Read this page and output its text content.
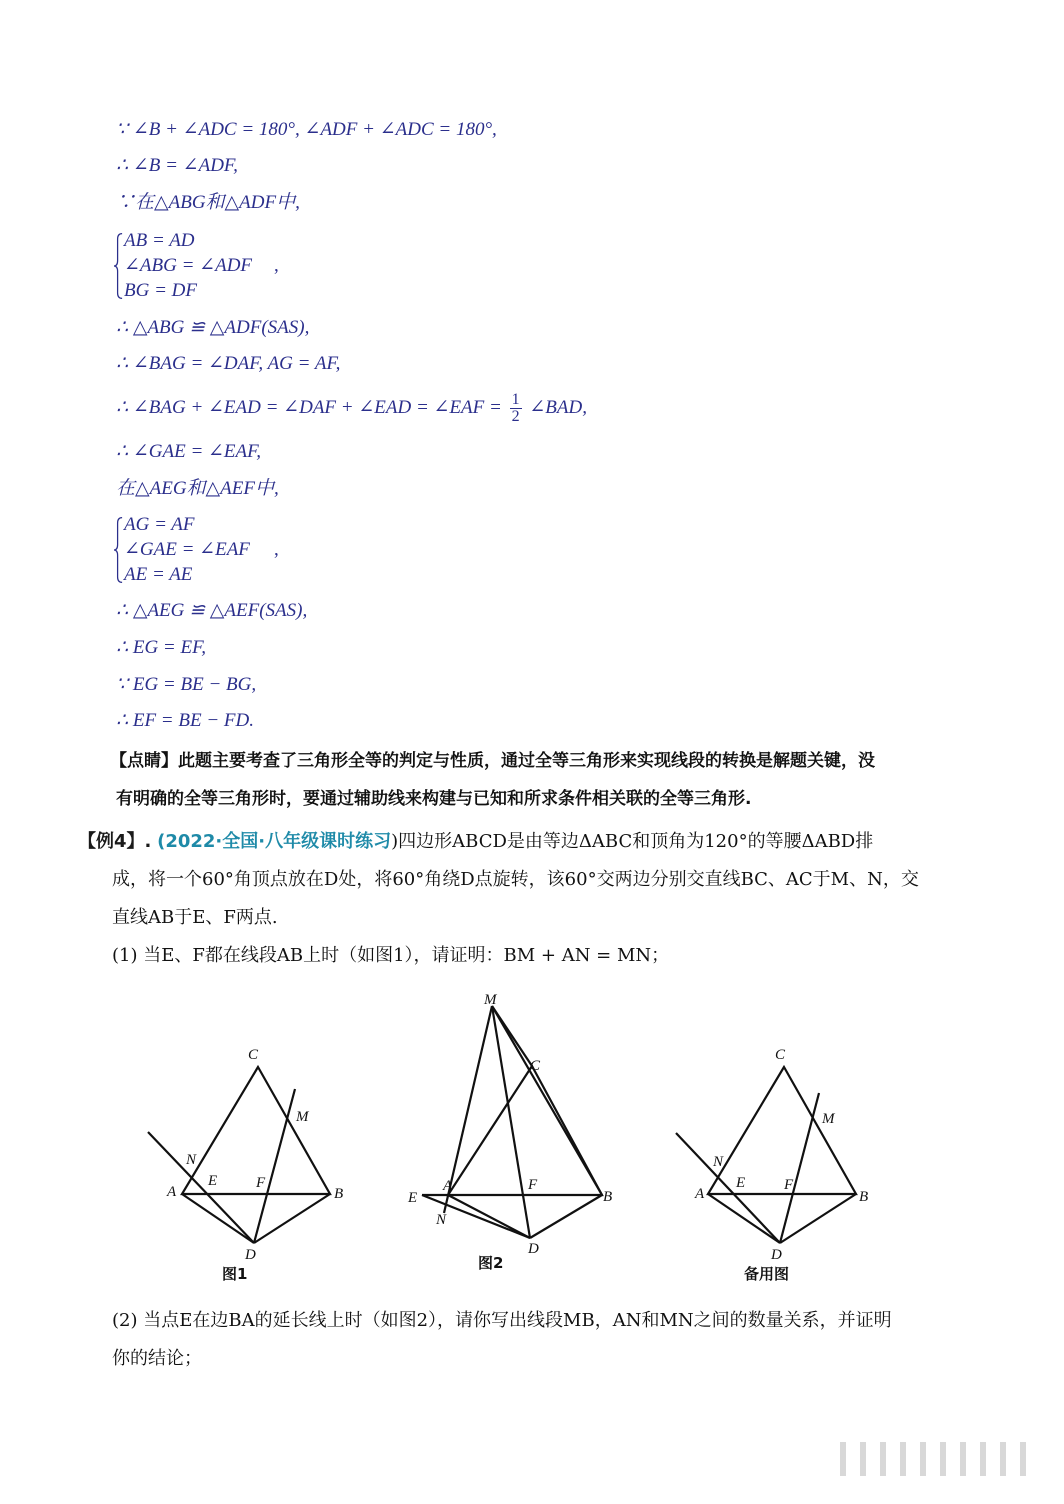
∵ ∠B + ∠ADC = 180°, ∠ADF + ∠ADC = 180°,
∴ ∠B = ∠ADF,
∵在△ABG和△ADF中,
AB = AD
∠ABG = ∠ADF
BG = DF
,
∴ △ABG ≌ △ADF(SAS),
∴ ∠BAG = ∠DAF, AG = AF,
∴ ∠BAG + ∠EAD = ∠DAF + ∠EAD = ∠EAF = $\frac{1}{2}$ ∠BAD,
∴ ∠GAE = ∠EAF,
在△AEG和△AEF中,
AG = AF
∠GAE = ∠EAF
AE = AE
,
∴ △AEG ≌ △AEF(SAS),
∴ EG = EF,
∵ EG = BE − BG,
∴ EF = BE − FD.
【点睛】此题主要考查了三角形全等的判定与性质，通过全等三角形来实现线段的转换是解题关键，没
有明确的全等三角形时，要通过辅助线来构建与已知和所求条件相关联的全等三角形.
【例4】. (2022·全国·八年级课时练习)四边形ABCD是由等边ΔABC和顶角为120°的等腰ΔABD排
成，将一个60°角顶点放在D处，将60°角绕D点旋转，该60°交两边分别交直线BC、AC于M、N，交
直线AB于E、F两点.
(1) 当E、F都在线段AB上时（如图1），请证明：BM + AN = MN；
C
M
N
E	F
A	B
D
图1
M
C
E
A	F
B
N
D
图2
C
M
N
E	F
A	B
D
备用图
(2) 当点E在边BA的延长线上时（如图2），请你写出线段MB，AN和MN之间的数量关系，并证明
你的结论；
